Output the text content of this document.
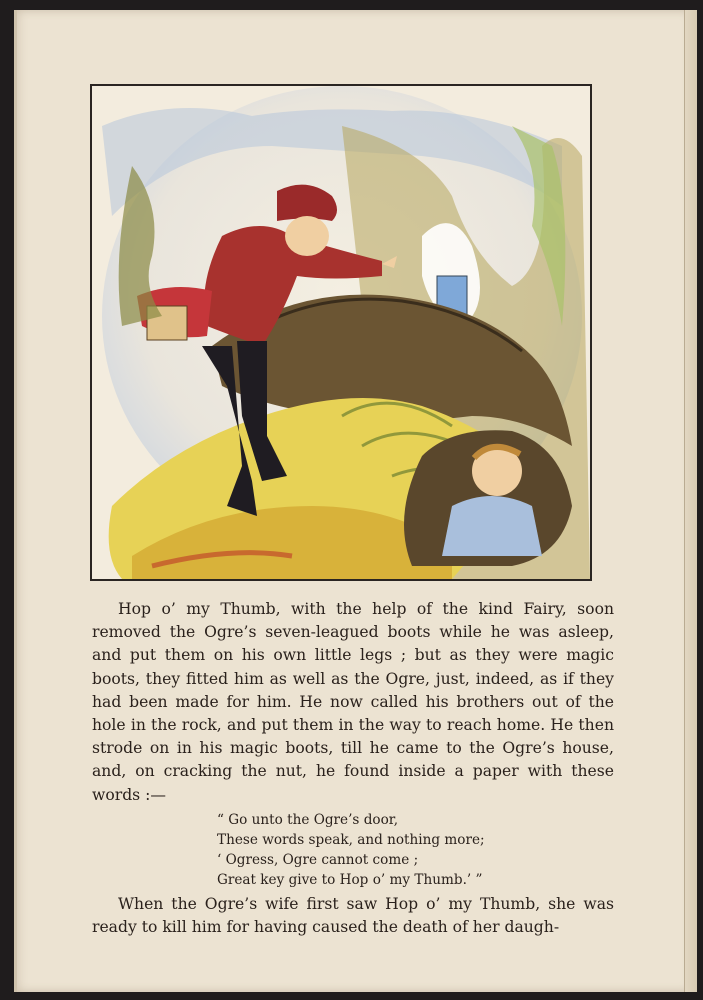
Hop o’ my Thumb, with the help of the kind Fairy, soon removed the Ogre’s seven-leagued boots while he was asleep, and put them on his own little legs ; but as they were magic boots, they fitted him as well as the Ogre, just, indeed, as if they had been made for him. He now called his brothers out of the hole in the rock, and put them in the way to reach home. He then strode on in his magic boots, till he came to the Ogre’s house, and, on cracking the nut, he found inside a paper with these words :—

“ Go unto the Ogre’s door,
These words speak, and nothing more;
‘ Ogress, Ogre cannot come ;
Great key give to Hop o’ my Thumb.’ ”

When the Ogre’s wife first saw Hop o’ my Thumb, she was ready to kill him for having caused the death of her daugh-
